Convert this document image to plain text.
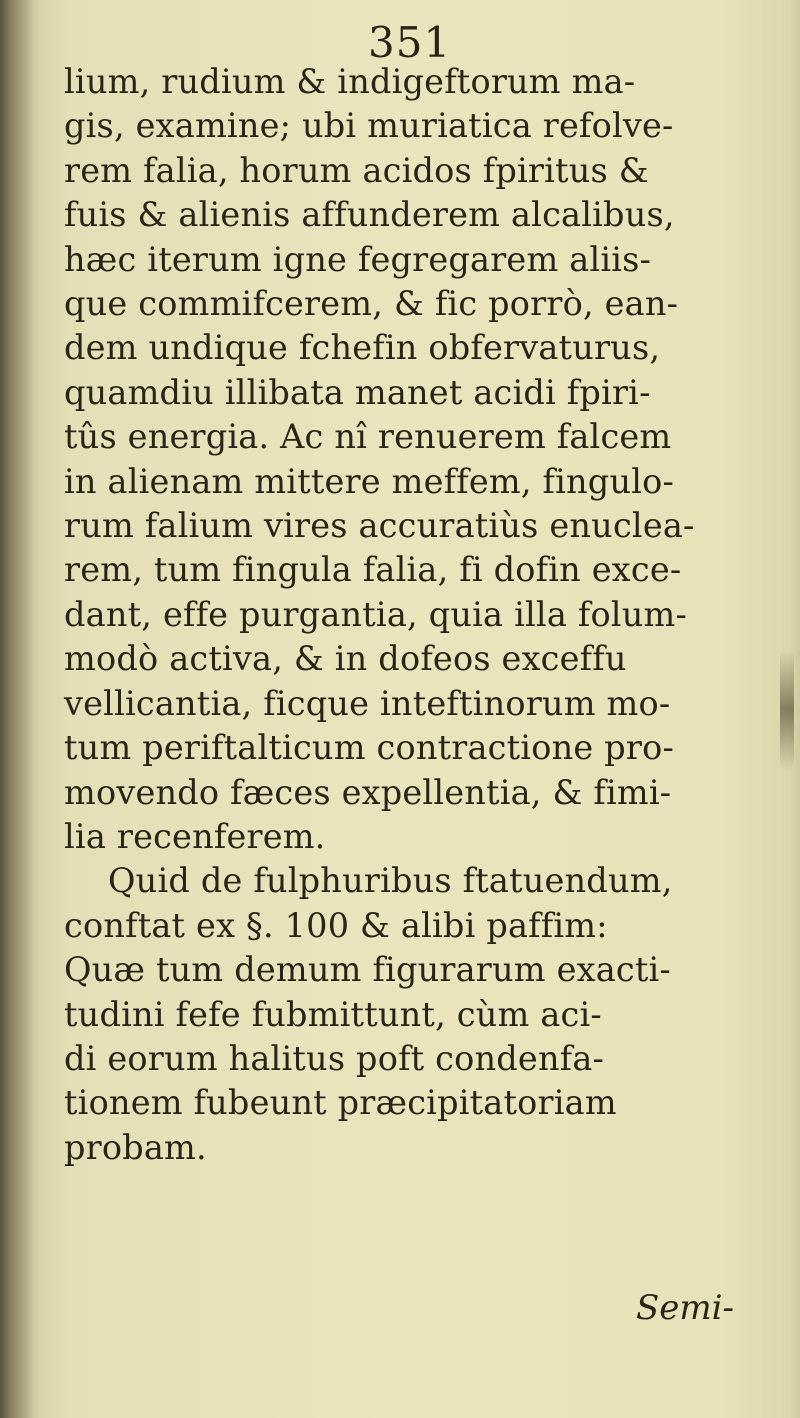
351
lium, rudium & indigeftorum ma-
gis, examine; ubi muriatica refolve-
rem falia, horum acidos fpiritus &
fuis & alienis affunderem alcalibus,
hæc iterum igne fegregarem aliis-
que commifcerem, & fic porrò, ean-
dem undique fchefin obfervaturus,
quamdiu illibata manet acidi fpiri-
tûs energia. Ac nî renuerem falcem
in alienam mittere meffem, fingulo-
rum falium vires accuratiùs enuclea-
rem, tum fingula falia, fi dofin exce-
dant, effe purgantia, quia illa folum-
modò activa, & in dofeos exceffu
vellicantia, ficque inteftinorum mo-
tum periftalticum contractione pro-
movendo fæces expellentia, & fimi-
lia recenferem.
Quid de fulphuribus ftatuendum,
conftat ex §. 100 & alibi paffim:
Quæ tum demum figurarum exacti-
tudini fefe fubmittunt, cùm aci-
di eorum halitus poft condenfa-
tionem fubeunt præcipitatoriam
probam.
Semi-
